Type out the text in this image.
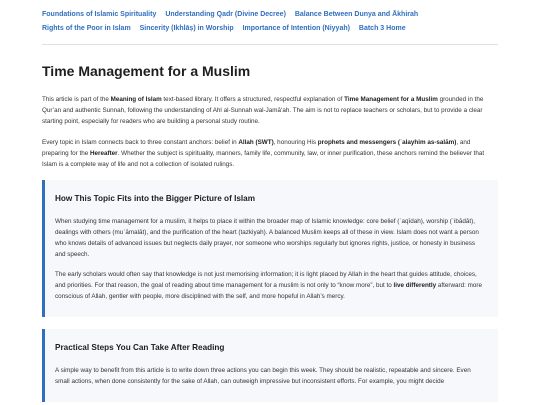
Foundations of Islamic Spirituality Understanding Qadr (Divine Decree) Balance Between Dunya and Ākhirah Rights of the Poor in Islam Sincerity (Ikhlāṣ) in Worship Importance of Intention (Niyyah) Batch 3 Home
Time Management for a Muslim

This article is part of the Meaning of Islam text-based library. It offers a structured, respectful explanation of Time Management for a Muslim grounded in the Qur’an and authentic Sunnah, following the understanding of Ahl al-Sunnah wal-Jamā‘ah. The aim is not to replace teachers or scholars, but to provide a clear starting point, especially for readers who are building a personal study routine.

Every topic in Islam connects back to three constant anchors: belief in Allah (SWT), honouring His prophets and messengers (ʿalayhim as-salām), and preparing for the Hereafter. Whether the subject is spirituality, manners, family life, community, law, or inner purification, these anchors remind the believer that Islam is a complete way of life and not a collection of isolated rulings.

How This Topic Fits into the Bigger Picture of Islam

When studying time management for a muslim, it helps to place it within the broader map of Islamic knowledge: core belief (ʿaqīdah), worship (ʿibādāt), dealings with others (muʿāmalāt), and the purification of the heart (tazkiyah). A balanced Muslim keeps all of these in view. Islam does not want a person who knows details of advanced issues but neglects daily prayer, nor someone who worships regularly but ignores rights, justice, or honesty in business and speech.

The early scholars would often say that knowledge is not just memorising information; it is light placed by Allah in the heart that guides attitude, choices, and priorities. For that reason, the goal of reading about time management for a muslim is not only to “know more”, but to live differently afterward: more conscious of Allah, gentler with people, more disciplined with the self, and more hopeful in Allah’s mercy.

Practical Steps You Can Take After Reading

A simple way to benefit from this article is to write down three actions you can begin this week. They should be realistic, repeatable and sincere. Even small actions, when done consistently for the sake of Allah, can outweigh impressive but inconsistent efforts. For example, you might decide
